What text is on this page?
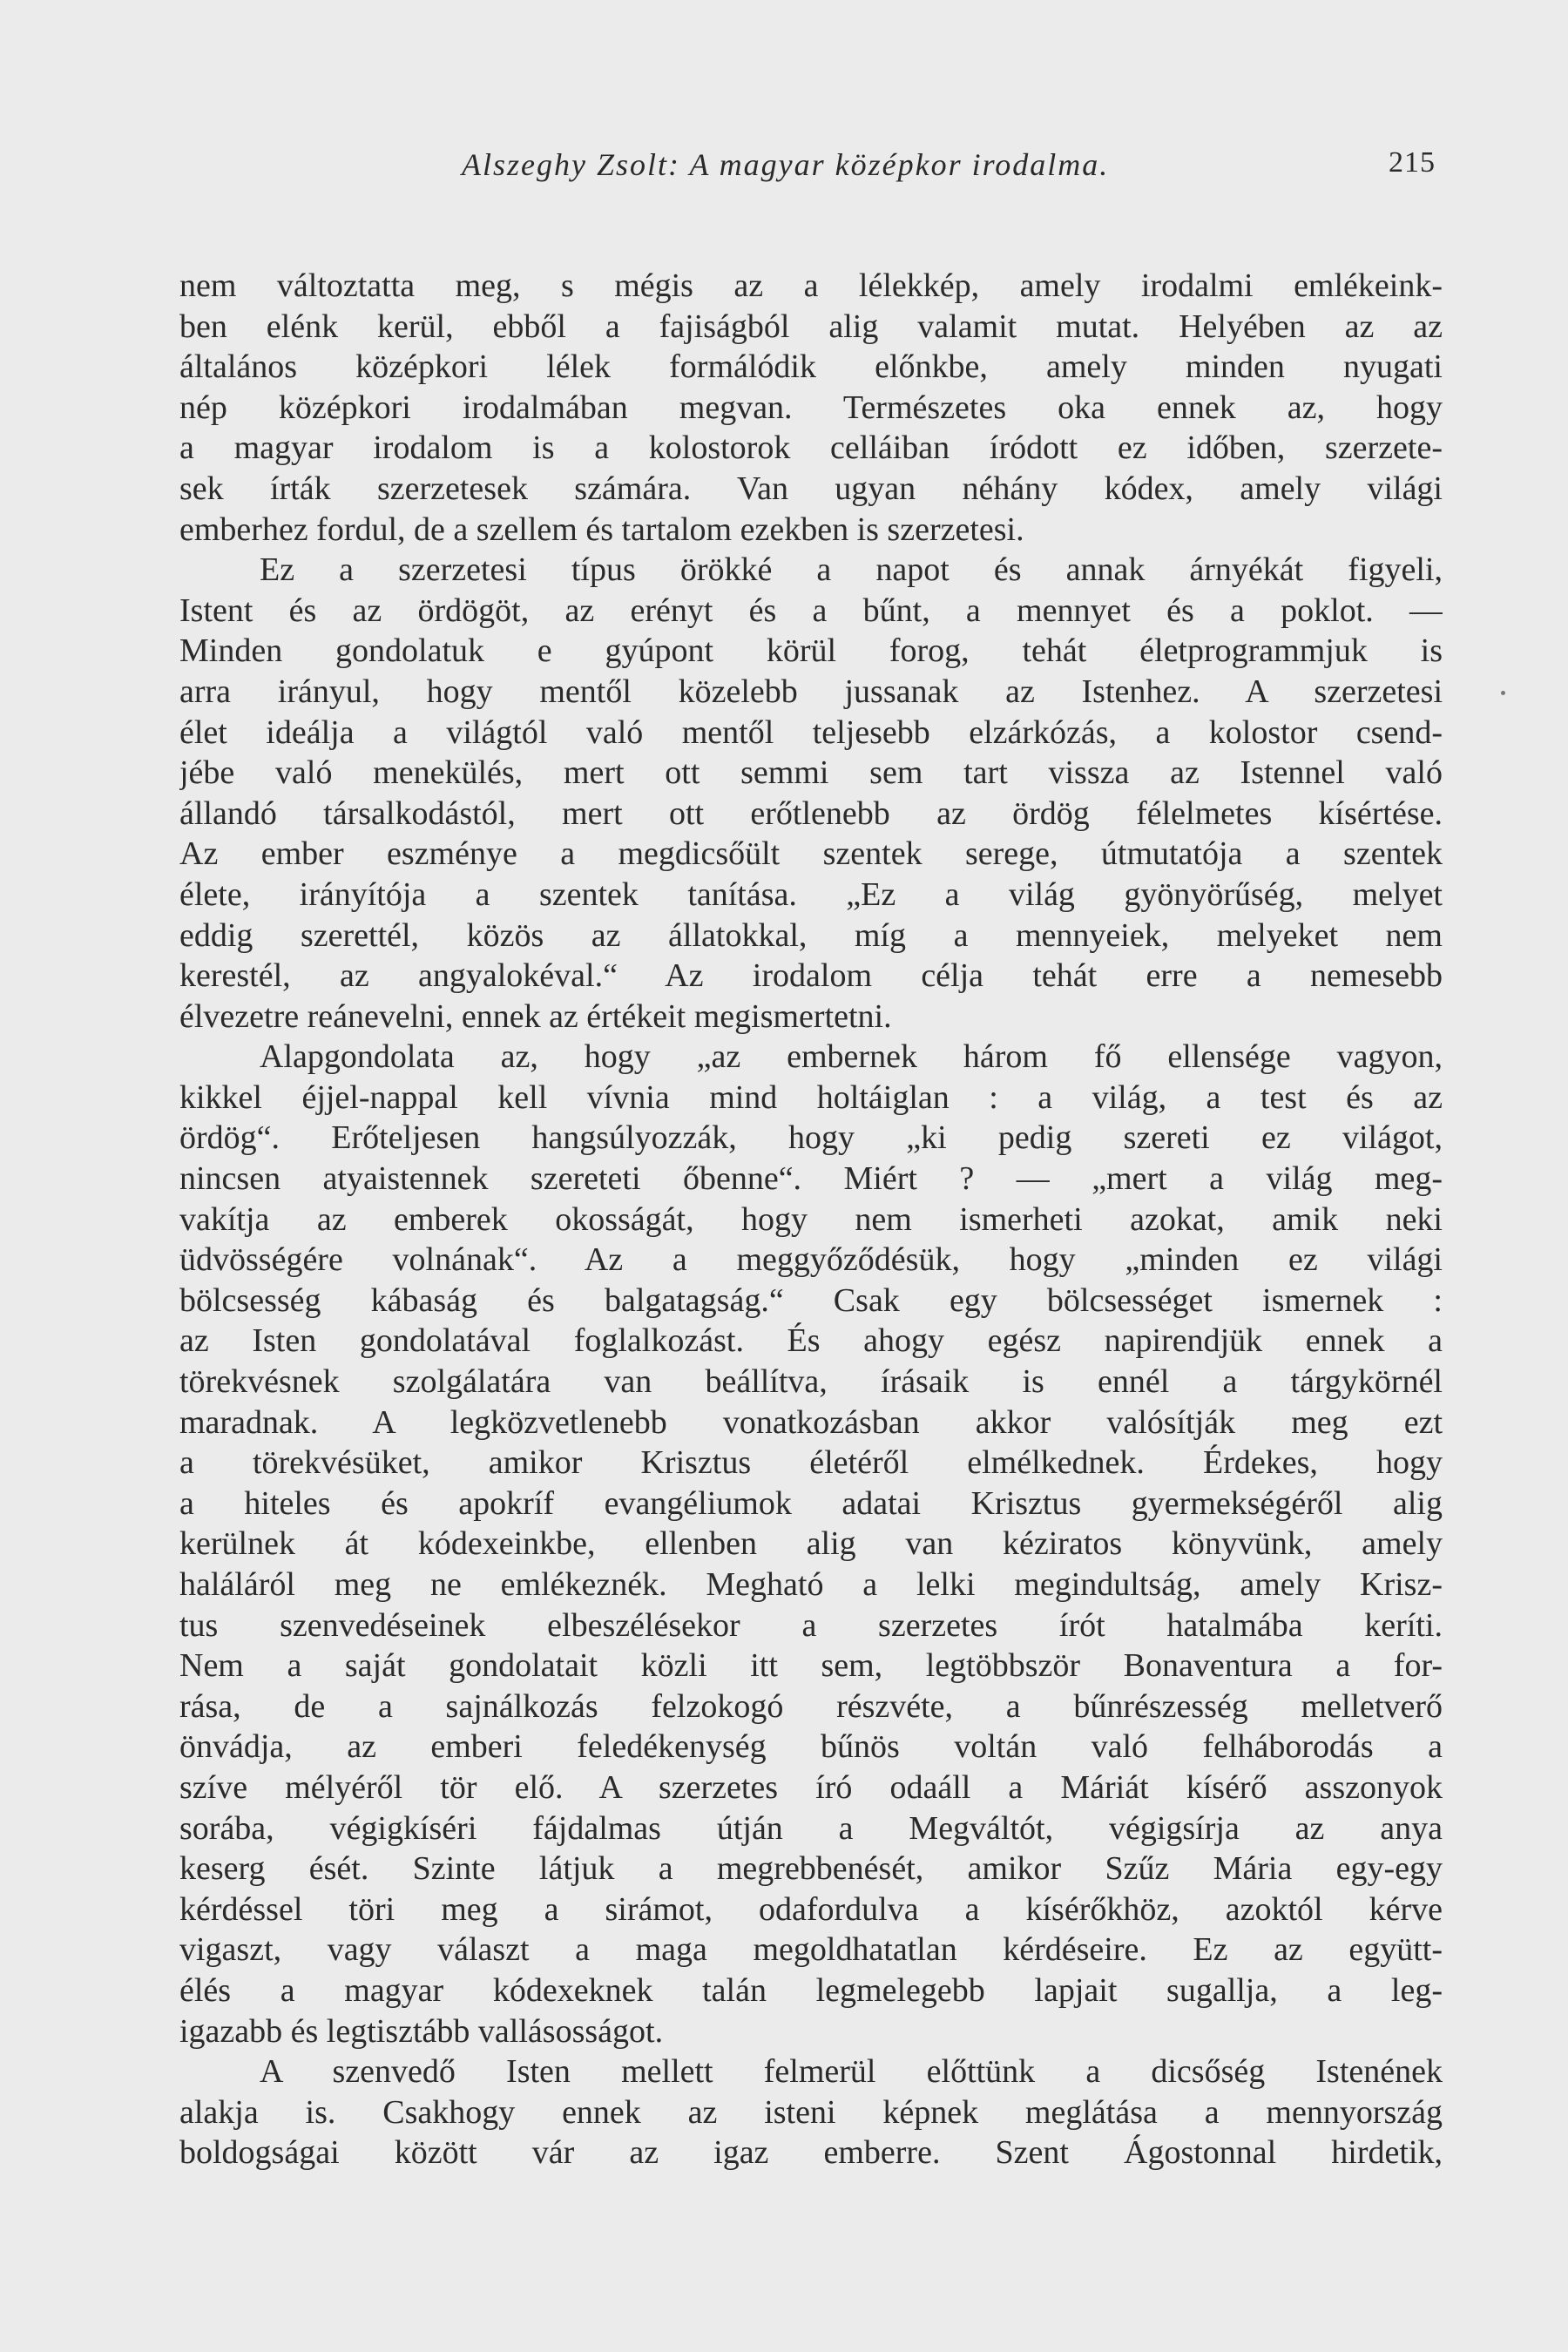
Alszeghy Zsolt: A magyar középkor irodalma.	215
nem változtatta meg, s mégis az a lélekkép, amely irodalmi emlékeink-
ben elénk kerül, ebből a fajiságból alig valamit mutat. Helyében az az
általános középkori lélek formálódik előnkbe, amely minden nyugati
nép középkori irodalmában megvan. Természetes oka ennek az, hogy
a magyar irodalom is a kolostorok celláiban íródott ez időben, szerzete-
sek írták szerzetesek számára. Van ugyan néhány kódex, amely világi
emberhez fordul, de a szellem és tartalom ezekben is szerzetesi.
Ez a szerzetesi típus örökké a napot és annak árnyékát figyeli,
Istent és az ördögöt, az erényt és a bűnt, a mennyet és a poklot. —
Minden gondolatuk e gyúpont körül forog, tehát életprogrammjuk is
arra irányul, hogy mentől közelebb jussanak az Istenhez. A szerzetesi
élet ideálja a világtól való mentől teljesebb elzárkózás, a kolostor csend-
jébe való menekülés, mert ott semmi sem tart vissza az Istennel való
állandó társalkodástól, mert ott erőtlenebb az ördög félelmetes kísértése.
Az ember eszménye a megdicsőült szentek serege, útmutatója a szentek
élete, irányítója a szentek tanítása. „Ez a világ gyönyörűség, melyet
eddig szerettél, közös az állatokkal, míg a mennyeiek, melyeket nem
kerestél, az angyalokéval.“ Az irodalom célja tehát erre a nemesebb
élvezetre reánevelni, ennek az értékeit megismertetni.
Alapgondolata az, hogy „az embernek három fő ellensége vagyon,
kikkel éjjel-nappal kell vívnia mind holtáiglan : a világ, a test és az
ördög“. Erőteljesen hangsúlyozzák, hogy „ki pedig szereti ez világot,
nincsen atyaistennek szereteti őbenne“. Miért ? — „mert a világ meg-
vakítja az emberek okosságát, hogy nem ismerheti azokat, amik neki
üdvösségére volnának“. Az a meggyőződésük, hogy „minden ez világi
bölcsesség kábaság és balgatagság.“ Csak egy bölcsességet ismernek :
az Isten gondolatával foglalkozást. És ahogy egész napirendjük ennek a
törekvésnek szolgálatára van beállítva, írásaik is ennél a tárgykörnél
maradnak. A legközvetlenebb vonatkozásban akkor valósítják meg ezt
a törekvésüket, amikor Krisztus életéről elmélkednek. Érdekes, hogy
a hiteles és apokríf evangéliumok adatai Krisztus gyermekségéről alig
kerülnek át kódexeinkbe, ellenben alig van kéziratos könyvünk, amely
haláláról meg ne emlékeznék. Megható a lelki megindultság, amely Krisz-
tus szenvedéseinek elbeszélésekor a szerzetes írót hatalmába keríti.
Nem a saját gondolatait közli itt sem, legtöbbször Bonaventura a for-
rása, de a sajnálkozás felzokogó részvéte, a bűnrészesség melletverő
önvádja, az emberi feledékenység bűnös voltán való felháborodás a
szíve mélyéről tör elő. A szerzetes író odaáll a Máriát kísérő asszonyok
sorába, végigkíséri fájdalmas útján a Megváltót, végigsírja az anya
keserg ését. Szinte látjuk a megrebbenését, amikor Szűz Mária egy-egy
kérdéssel töri meg a sirámot, odafordulva a kísérőkhöz, azoktól kérve
vigaszt, vagy választ a maga megoldhatatlan kérdéseire. Ez az együtt-
élés a magyar kódexeknek talán legmelegebb lapjait sugallja, a leg-
igazabb és legtisztább vallásosságot.
A szenvedő Isten mellett felmerül előttünk a dicsőség Istenének
alakja is. Csakhogy ennek az isteni képnek meglátása a mennyország
boldogságai között vár az igaz emberre. Szent Ágostonnal hirdetik,
